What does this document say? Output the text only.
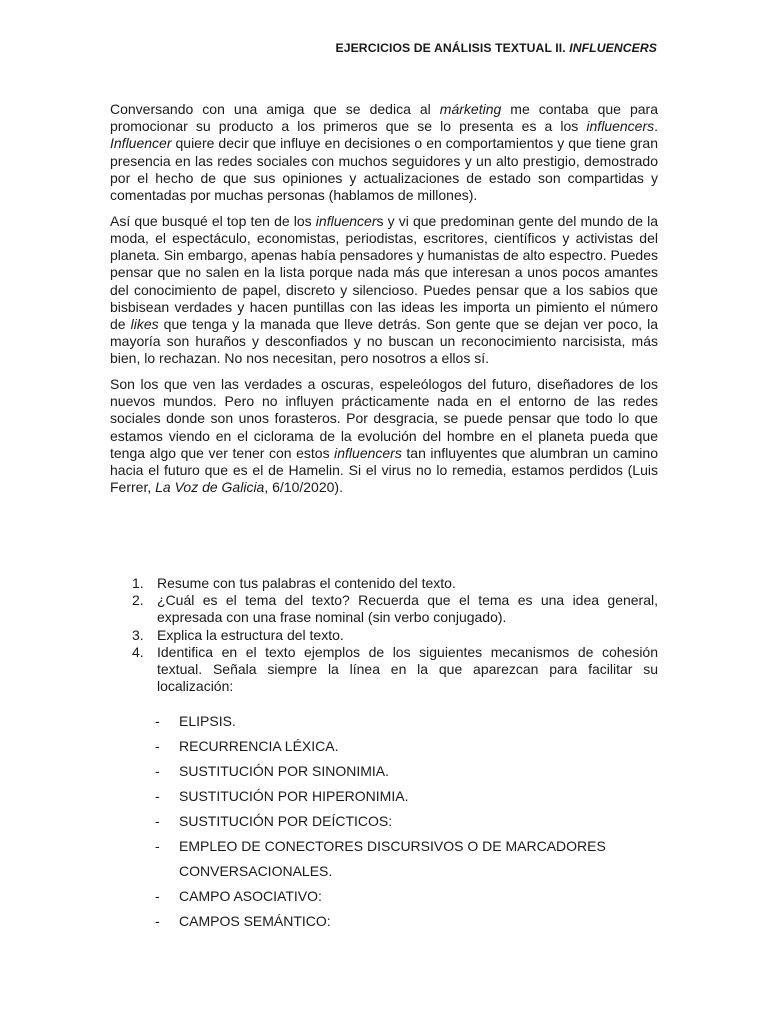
EJERCICIOS DE ANÁLISIS TEXTUAL II. INFLUENCERS

Conversando con una amiga que se dedica al márketing me contaba que para promocionar su producto a los primeros que se lo presenta es a los influencers. Influencer quiere decir que influye en decisiones o en comportamientos y que tiene gran presencia en las redes sociales con muchos seguidores y un alto prestigio, demostrado por el hecho de que sus opiniones y actualizaciones de estado son compartidas y comentadas por muchas personas (hablamos de millones).

Así que busqué el top ten de los influencers y vi que predominan gente del mundo de la moda, el espectáculo, economistas, periodistas, escritores, científicos y activistas del planeta. Sin embargo, apenas había pensadores y humanistas de alto espectro. Puedes pensar que no salen en la lista porque nada más que interesan a unos pocos amantes del conocimiento de papel, discreto y silencioso. Puedes pensar que a los sabios que bisbisean verdades y hacen puntillas con las ideas les importa un pimiento el número de likes que tenga y la manada que lleve detrás. Son gente que se dejan ver poco, la mayoría son huraños y desconfiados y no buscan un reconocimiento narcisista, más bien, lo rechazan. No nos necesitan, pero nosotros a ellos sí.

Son los que ven las verdades a oscuras, espeleólogos del futuro, diseñadores de los nuevos mundos. Pero no influyen prácticamente nada en el entorno de las redes sociales donde son unos forasteros. Por desgracia, se puede pensar que todo lo que estamos viendo en el ciclorama de la evolución del hombre en el planeta pueda que tenga algo que ver tener con estos influencers tan influyentes que alumbran un camino hacia el futuro que es el de Hamelin. Si el virus no lo remedia, estamos perdidos (Luis Ferrer, La Voz de Galicia, 6/10/2020).

1. Resume con tus palabras el contenido del texto.
2. ¿Cuál es el tema del texto? Recuerda que el tema es una idea general, expresada con una frase nominal (sin verbo conjugado).
3. Explica la estructura del texto.
4. Identifica en el texto ejemplos de los siguientes mecanismos de cohesión textual. Señala siempre la línea en la que aparezcan para facilitar su localización:
- ELIPSIS.
- RECURRENCIA LÉXICA.
- SUSTITUCIÓN POR SINONIMIA.
- SUSTITUCIÓN POR HIPERONIMIA.
- SUSTITUCIÓN POR DEÍCTICOS:
- EMPLEO DE CONECTORES DISCURSIVOS O DE MARCADORES CONVERSACIONALES.
- CAMPO ASOCIATIVO:
- CAMPOS SEMÁNTICO:
